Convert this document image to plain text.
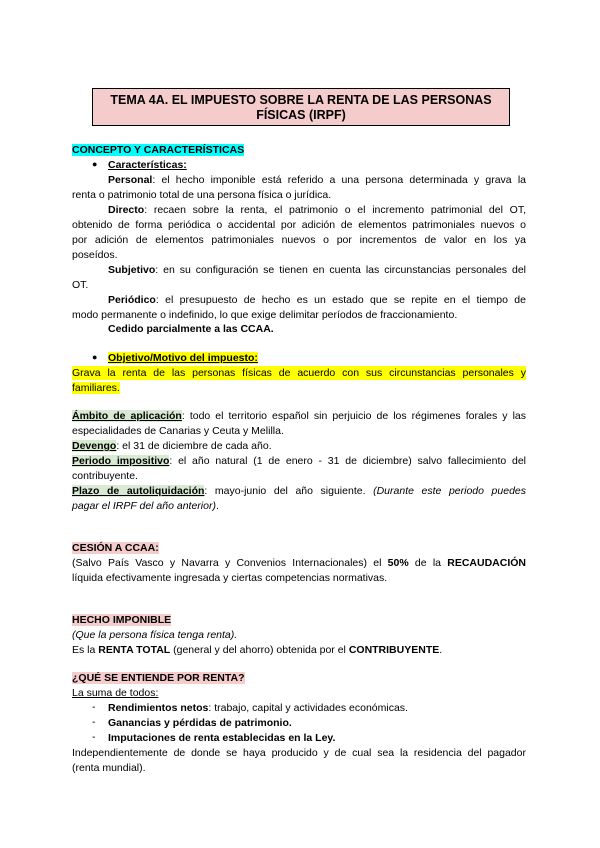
TEMA 4A. EL IMPUESTO SOBRE LA RENTA DE LAS PERSONAS FÍSICAS (IRPF)
CONCEPTO Y CARACTERÍSTICAS
● Características:
Personal: el hecho imponible está referido a una persona determinada y grava la
renta o patrimonio total de una persona física o jurídica.
Directo: recaen sobre la renta, el patrimonio o el incremento patrimonial del OT,
obtenido de forma periódica o accidental por adición de elementos patrimoniales nuevos o
por adición de elementos patrimoniales nuevos o por incrementos de valor en los ya
poseídos.
Subjetivo: en su configuración se tienen en cuenta las circunstancias personales del
OT.
Periódico: el presupuesto de hecho es un estado que se repite en el tiempo de
modo permanente o indefinido, lo que exige delimitar períodos de fraccionamiento.
Cedido parcialmente a las CCAA.
● Objetivo/Motivo del impuesto:
Grava la renta de las personas físicas de acuerdo con sus circunstancias personales y
familiares.
Ámbito de aplicación: todo el territorio español sin perjuicio de los régimenes forales y las
especialidades de Canarias y Ceuta y Melilla.
Devengo: el 31 de diciembre de cada año.
Periodo impositivo: el año natural (1 de enero - 31 de diciembre) salvo fallecimiento del
contribuyente.
Plazo de autoliquidación: mayo-junio del año siguiente. (Durante este periodo puedes
pagar el IRPF del año anterior).
CESIÓN A CCAA:
(Salvo País Vasco y Navarra y Convenios Internacionales) el 50% de la RECAUDACIÓN
líquida efectivamente ingresada y ciertas competencias normativas.
HECHO IMPONIBLE
(Que la persona física tenga renta).
Es la RENTA TOTAL (general y del ahorro) obtenida por el CONTRIBUYENTE.
¿QUÉ SE ENTIENDE POR RENTA?
La suma de todos:
- Rendimientos netos: trabajo, capital y actividades económicas.
- Ganancias y pérdidas de patrimonio.
- Imputaciones de renta establecidas en la Ley.
Independientemente de donde se haya producido y de cual sea la residencia del pagador
(renta mundial).
